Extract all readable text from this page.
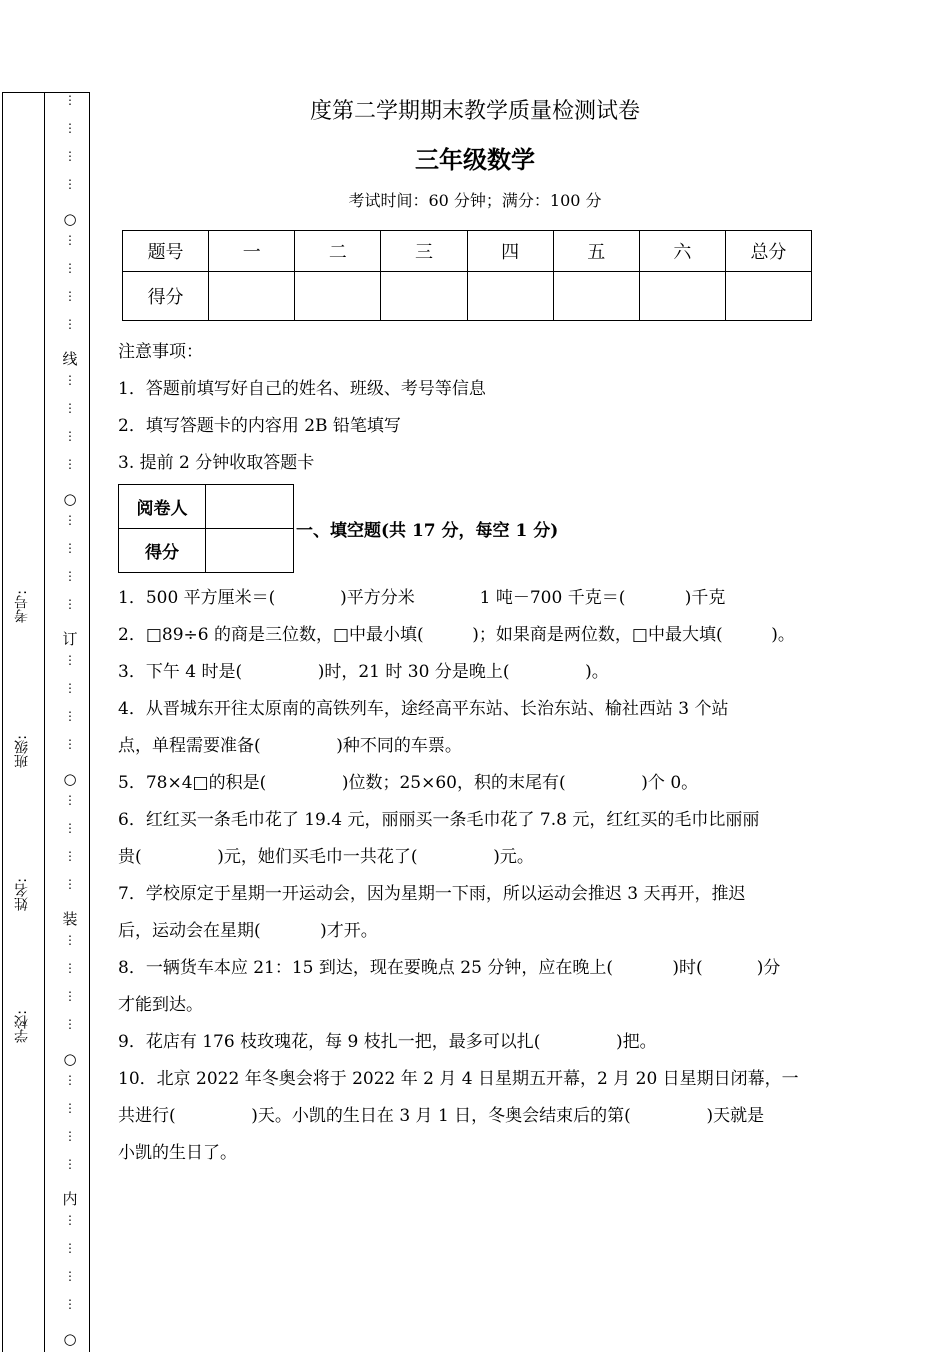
考号:
班级:
姓名:
学校:
○
线
○
订
○
装
○
内
○
⋮
⋮
⋮
⋮
⋮
⋮
⋮
⋮
⋮
⋮
⋮
⋮
⋮
⋮
⋮
⋮
⋮
⋮
⋮
⋮
⋮
⋮
⋮
⋮
⋮
⋮
⋮
⋮
⋮
⋮
⋮
⋮
⋮
⋮
⋮
⋮
度第二学期期末教学质量检测试卷
三年级数学
考试时间：60 分钟；满分：100 分
题号	一	二	三	四	五	六	总分
得分							
注意事项：
1．答题前填写好自己的姓名、班级、考号等信息
2．填写答题卡的内容用 2B 铅笔填写
3. 提前 2 分钟收取答题卡
阅卷人	
得分	
一、填空题(共 17 分，每空 1 分)
1．500 平方厘米＝(            )平方分米            1 吨－700 千克＝(           )千克
2．□89÷6 的商是三位数，□中最小填(         )；如果商是两位数，□中最大填(         )。
3．下午 4 时是(              )时，21 时 30 分是晚上(              )。
4．从晋城东开往太原南的高铁列车，途经高平东站、长治东站、榆社西站 3 个站
点，单程需要准备(              )种不同的车票。
5．78×4□的积是(              )位数；25×60，积的末尾有(              )个 0。
6．红红买一条毛巾花了 19.4 元，丽丽买一条毛巾花了 7.8 元，红红买的毛巾比丽丽
贵(              )元，她们买毛巾一共花了(              )元。
7．学校原定于星期一开运动会，因为星期一下雨，所以运动会推迟 3 天再开，推迟
后，运动会在星期(           )才开。
8．一辆货车本应 21：15 到达，现在要晚点 25 分钟，应在晚上(           )时(          )分
才能到达。
9．花店有 176 枝玫瑰花，每 9 枝扎一把，最多可以扎(              )把。
10．北京 2022 年冬奥会将于 2022 年 2 月 4 日星期五开幕，2 月 20 日星期日闭幕，一
共进行(              )天。小凯的生日在 3 月 1 日，冬奥会结束后的第(              )天就是
小凯的生日了。
